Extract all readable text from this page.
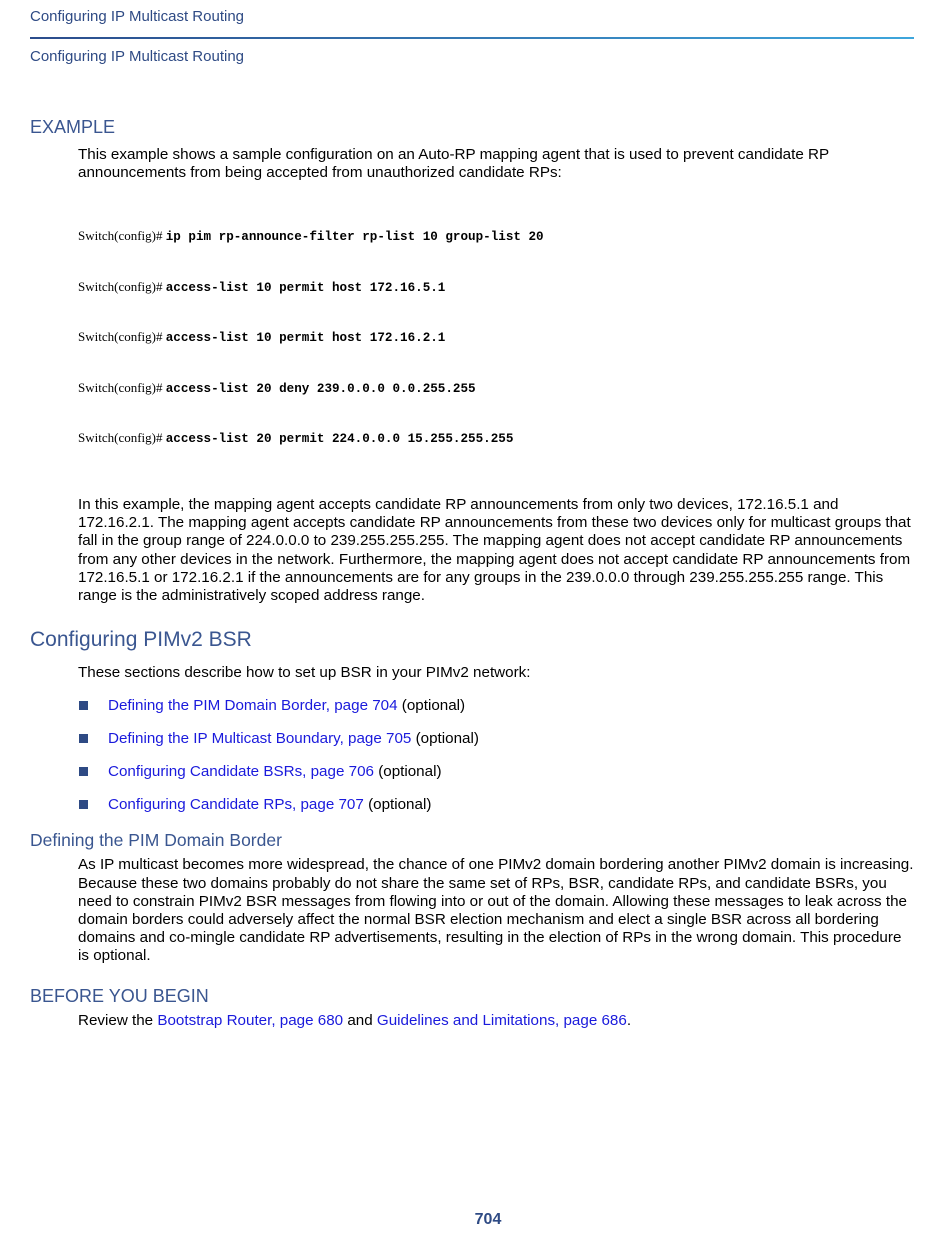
Configuring IP Multicast Routing
Configuring IP Multicast Routing
EXAMPLE

This example shows a sample configuration on an Auto-RP mapping agent that is used to prevent candidate RP announcements from being accepted from unauthorized candidate RPs:

Switch(config)# ip pim rp-announce-filter rp-list 10 group-list 20

Switch(config)# access-list 10 permit host 172.16.5.1

Switch(config)# access-list 10 permit host 172.16.2.1

Switch(config)# access-list 20 deny 239.0.0.0 0.0.255.255

Switch(config)# access-list 20 permit 224.0.0.0 15.255.255.255

In this example, the mapping agent accepts candidate RP announcements from only two devices, 172.16.5.1 and 172.16.2.1. The mapping agent accepts candidate RP announcements from these two devices only for multicast groups that fall in the group range of 224.0.0.0 to 239.255.255.255. The mapping agent does not accept candidate RP announcements from any other devices in the network. Furthermore, the mapping agent does not accept candidate RP announcements from 172.16.5.1 or 172.16.2.1 if the announcements are for any groups in the 239.0.0.0 through 239.255.255.255 range. This range is the administratively scoped address range.

Configuring PIMv2 BSR

These sections describe how to set up BSR in your PIMv2 network:

Defining the PIM Domain Border, page 704 (optional)
Defining the IP Multicast Boundary, page 705 (optional)
Configuring Candidate BSRs, page 706 (optional)
Configuring Candidate RPs, page 707 (optional)
Defining the PIM Domain Border

As IP multicast becomes more widespread, the chance of one PIMv2 domain bordering another PIMv2 domain is increasing. Because these two domains probably do not share the same set of RPs, BSR, candidate RPs, and candidate BSRs, you need to constrain PIMv2 BSR messages from flowing into or out of the domain. Allowing these messages to leak across the domain borders could adversely affect the normal BSR election mechanism and elect a single BSR across all bordering domains and co-mingle candidate RP advertisements, resulting in the election of RPs in the wrong domain. This procedure is optional.

BEFORE YOU BEGIN

Review the Bootstrap Router, page 680 and Guidelines and Limitations, page 686.

704
